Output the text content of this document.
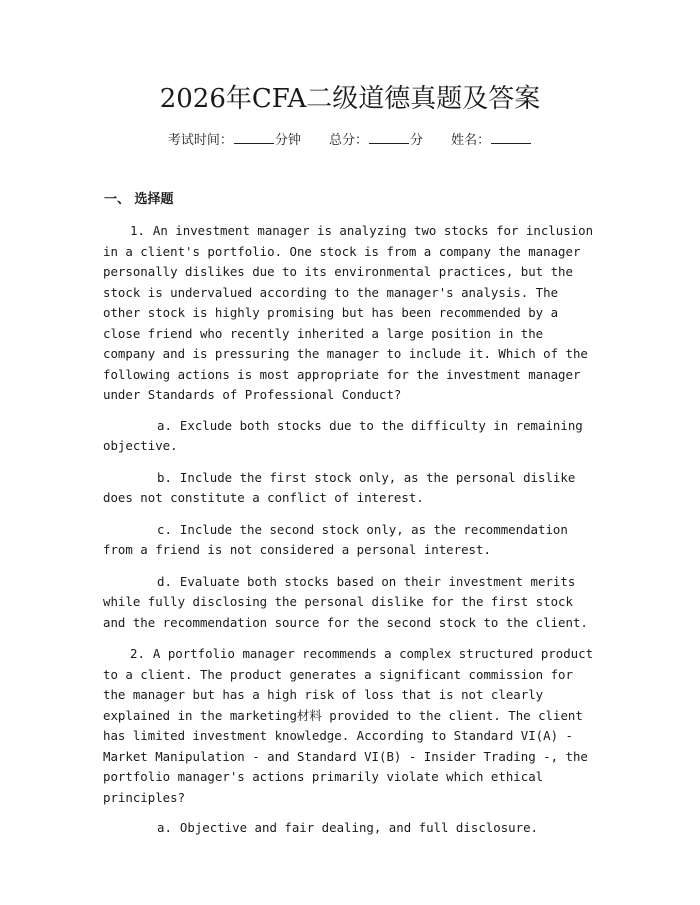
2026年CFA二级道德真题及答案
考试时间：	分钟 总分：	分 姓名：
一、 选择题

1. An investment manager is analyzing two stocks for inclusion in a client's portfolio. One stock is from a company the manager personally dislikes due to its environmental practices, but the stock is undervalued according to the manager's analysis. The other stock is highly promising but has been recommended by a close friend who recently inherited a large position in the company and is pressuring the manager to include it. Which of the following actions is most appropriate for the investment manager under Standards of Professional Conduct?

a. Exclude both stocks due to the difficulty in remaining objective.

b. Include the first stock only, as the personal dislike does not constitute a conflict of interest.

c. Include the second stock only, as the recommendation from a friend is not considered a personal interest.

d. Evaluate both stocks based on their investment merits while fully disclosing the personal dislike for the first stock and the recommendation source for the second stock to the client.

2. A portfolio manager recommends a complex structured product to a client. The product generates a significant commission for the manager but has a high risk of loss that is not clearly explained in the marketing材料 provided to the client. The client has limited investment knowledge. According to Standard VI(A) - Market Manipulation - and Standard VI(B) - Insider Trading -, the portfolio manager's actions primarily violate which ethical principles?

a. Objective and fair dealing, and full disclosure.
